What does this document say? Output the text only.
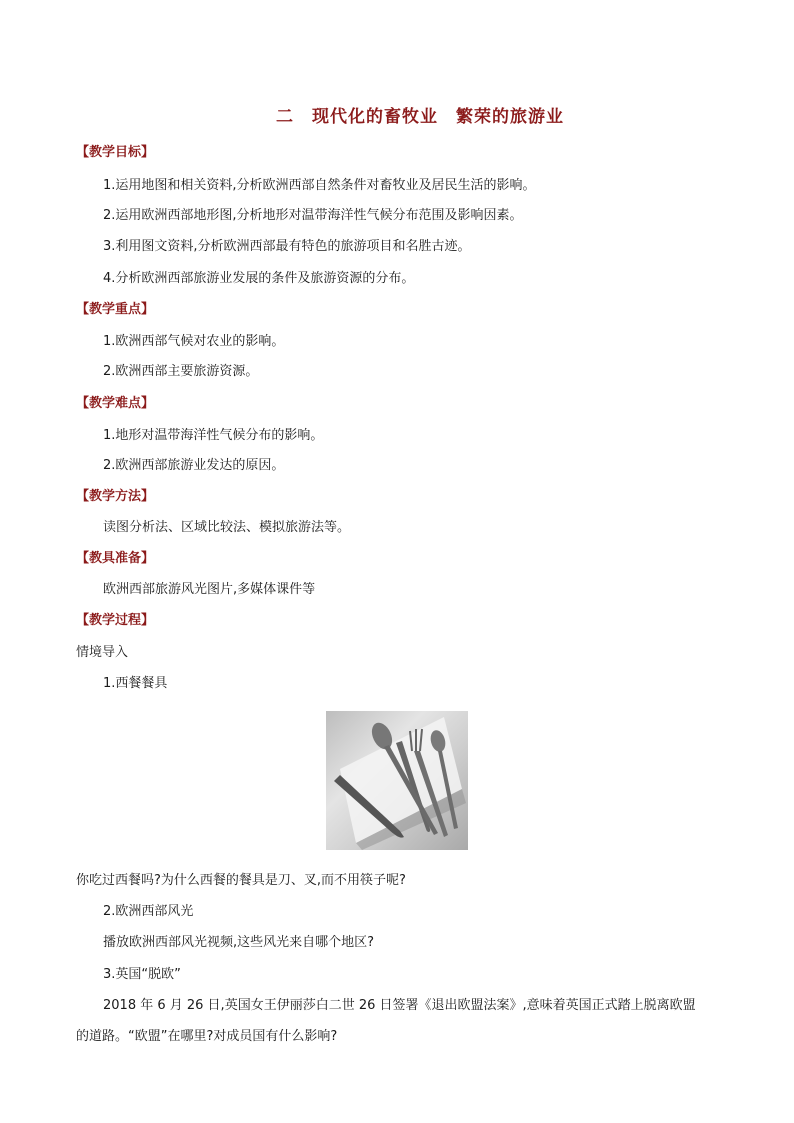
二　现代化的畜牧业　繁荣的旅游业
【教学目标】
1.运用地图和相关资料,分析欧洲西部自然条件对畜牧业及居民生活的影响。
2.运用欧洲西部地形图,分析地形对温带海洋性气候分布范围及影响因素。
3.利用图文资料,分析欧洲西部最有特色的旅游项目和名胜古迹。
4.分析欧洲西部旅游业发展的条件及旅游资源的分布。
【教学重点】
1.欧洲西部气候对农业的影响。
2.欧洲西部主要旅游资源。
【教学难点】
1.地形对温带海洋性气候分布的影响。
2.欧洲西部旅游业发达的原因。
【教学方法】
读图分析法、区域比较法、模拟旅游法等。
【教具准备】
欧洲西部旅游风光图片,多媒体课件等
【教学过程】
情境导入
1.西餐餐具
你吃过西餐吗?为什么西餐的餐具是刀、叉,而不用筷子呢?
2.欧洲西部风光
播放欧洲西部风光视频,这些风光来自哪个地区?
3.英国“脱欧”
2018 年 6 月 26 日,英国女王伊丽莎白二世 26 日签署《退出欧盟法案》,意味着英国正式踏上脱离欧盟
的道路。“欧盟”在哪里?对成员国有什么影响?
